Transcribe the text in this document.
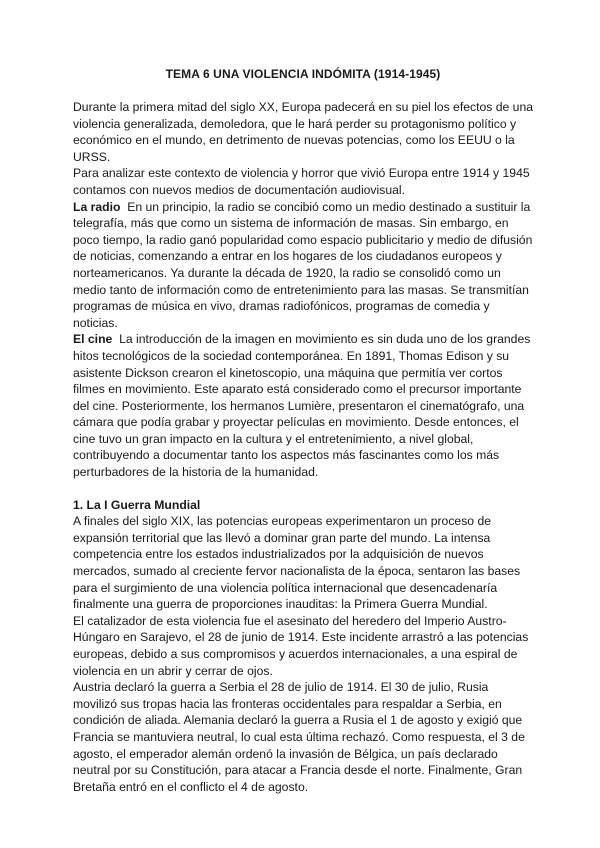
TEMA 6 UNA VIOLENCIA INDÓMITA (1914-1945)

Durante la primera mitad del siglo XX, Europa padecerá en su piel los efectos de una violencia generalizada, demoledora, que le hará perder su protagonismo político y económico en el mundo, en detrimento de nuevas potencias, como los EEUU o la URSS.

Para analizar este contexto de violencia y horror que vivió Europa entre 1914 y 1945 contamos con nuevos medios de documentación audiovisual.

La radio En un principio, la radio se concibió como un medio destinado a sustituir la telegrafía, más que como un sistema de información de masas. Sin embargo, en poco tiempo, la radio ganó popularidad como espacio publicitario y medio de difusión de noticias, comenzando a entrar en los hogares de los ciudadanos europeos y norteamericanos. Ya durante la década de 1920, la radio se consolidó como un medio tanto de información como de entretenimiento para las masas. Se transmitían programas de música en vivo, dramas radiofónicos, programas de comedia y noticias.

El cine La introducción de la imagen en movimiento es sin duda uno de los grandes hitos tecnológicos de la sociedad contemporánea. En 1891, Thomas Edison y su asistente Dickson crearon el kinetoscopio, una máquina que permitía ver cortos filmes en movimiento. Este aparato está considerado como el precursor importante del cine. Posteriormente, los hermanos Lumière, presentaron el cinematógrafo, una cámara que podía grabar y proyectar películas en movimiento. Desde entonces, el cine tuvo un gran impacto en la cultura y el entretenimiento, a nivel global, contribuyendo a documentar tanto los aspectos más fascinantes como los más perturbadores de la historia de la humanidad.

1. La I Guerra Mundial

A finales del siglo XIX, las potencias europeas experimentaron un proceso de expansión territorial que las llevó a dominar gran parte del mundo. La intensa competencia entre los estados industrializados por la adquisición de nuevos mercados, sumado al creciente fervor nacionalista de la época, sentaron las bases para el surgimiento de una violencia política internacional que desencadenaría finalmente una guerra de proporciones inauditas: la Primera Guerra Mundial.

El catalizador de esta violencia fue el asesinato del heredero del Imperio Austro-Húngaro en Sarajevo, el 28 de junio de 1914. Este incidente arrastró a las potencias europeas, debido a sus compromisos y acuerdos internacionales, a una espiral de violencia en un abrir y cerrar de ojos.

Austria declaró la guerra a Serbia el 28 de julio de 1914. El 30 de julio, Rusia movilizó sus tropas hacia las fronteras occidentales para respaldar a Serbia, en condición de aliada. Alemania declaró la guerra a Rusia el 1 de agosto y exigió que Francia se mantuviera neutral, lo cual esta última rechazó. Como respuesta, el 3 de agosto, el emperador alemán ordenó la invasión de Bélgica, un país declarado neutral por su Constitución, para atacar a Francia desde el norte. Finalmente, Gran Bretaña entró en el conflicto el 4 de agosto.
